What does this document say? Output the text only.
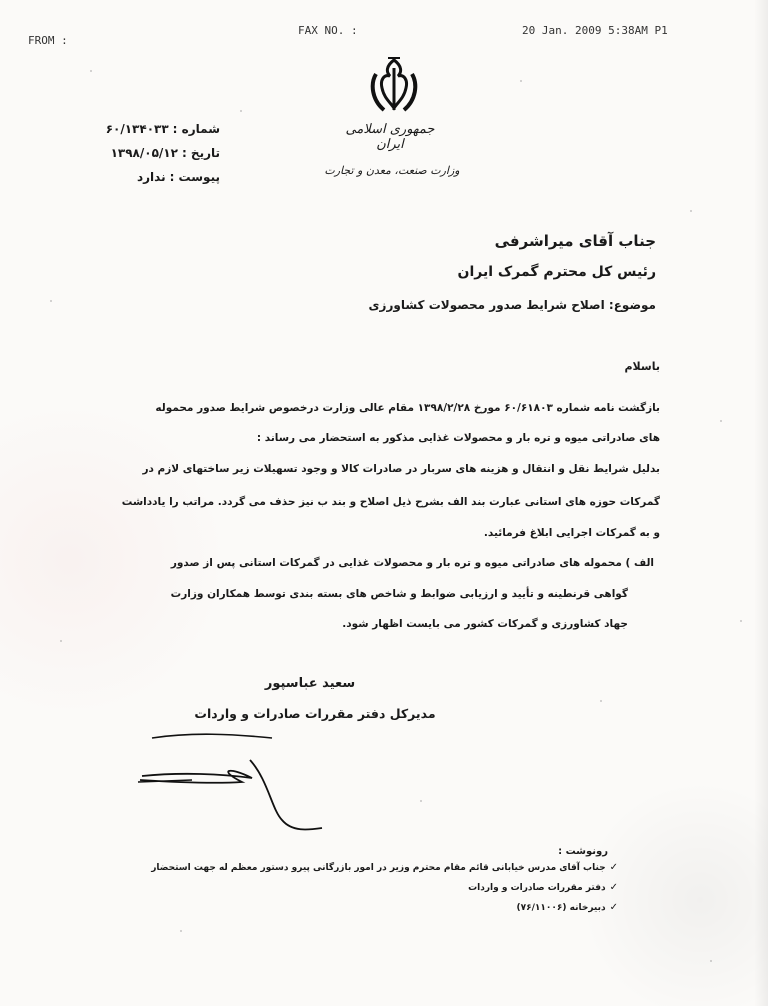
FROM :
FAX NO. :	20 Jan. 2009 5:38AM P1
جمهوری اسلامی ایران
وزارت صنعت، معدن و تجارت
شماره :۶۰/۱۳۴۰۳۳
تاریخ :۱۳۹۸/۰۵/۱۲
پیوست :ندارد
جناب آقای میراشرفی
رئیس کل محترم گمرک ایران
موضوع: اصلاح شرایط صدور محصولات کشاورزی
باسلام
بازگشت نامه شماره ۶۰/۶۱۸۰۳ مورخ ۱۳۹۸/۲/۲۸ مقام عالی وزارت درخصوص شرایط صدور محموله
های صادراتی میوه و تره بار و محصولات غذایی مذکور به استحضار می رساند :
بدلیل شرایط نقل و انتقال و هزینه های سربار در صادرات کالا و وجود تسهیلات زیر ساختهای لازم در
گمرکات حوزه های استانی عبارت بند الف بشرح ذیل اصلاح و بند ب نیز حذف می گردد. مراتب را یادداشت
و به گمرکات اجرایی ابلاغ فرمائید.
الف ) محموله های صادراتی میوه و تره بار و محصولات غذایی در گمرکات استانی پس از صدور
گواهی قرنطینه و تأیید و ارزیابی ضوابط و شاخص های بسته بندی توسط همکاران وزارت
جهاد کشاورزی و گمرکات کشور می بایست اظهار شود.
سعید عباسپور
مدیرکل دفتر مقررات صادرات و واردات
رونوشت :
✓جناب آقای مدرس خیابانی قائم مقام محترم وزیر در امور بازرگانی پیرو دستور معظم له جهت استحضار
✓دفتر مقررات صادرات و واردات
✓دبیرخانه (۷۶/۱۱۰۰۶)
